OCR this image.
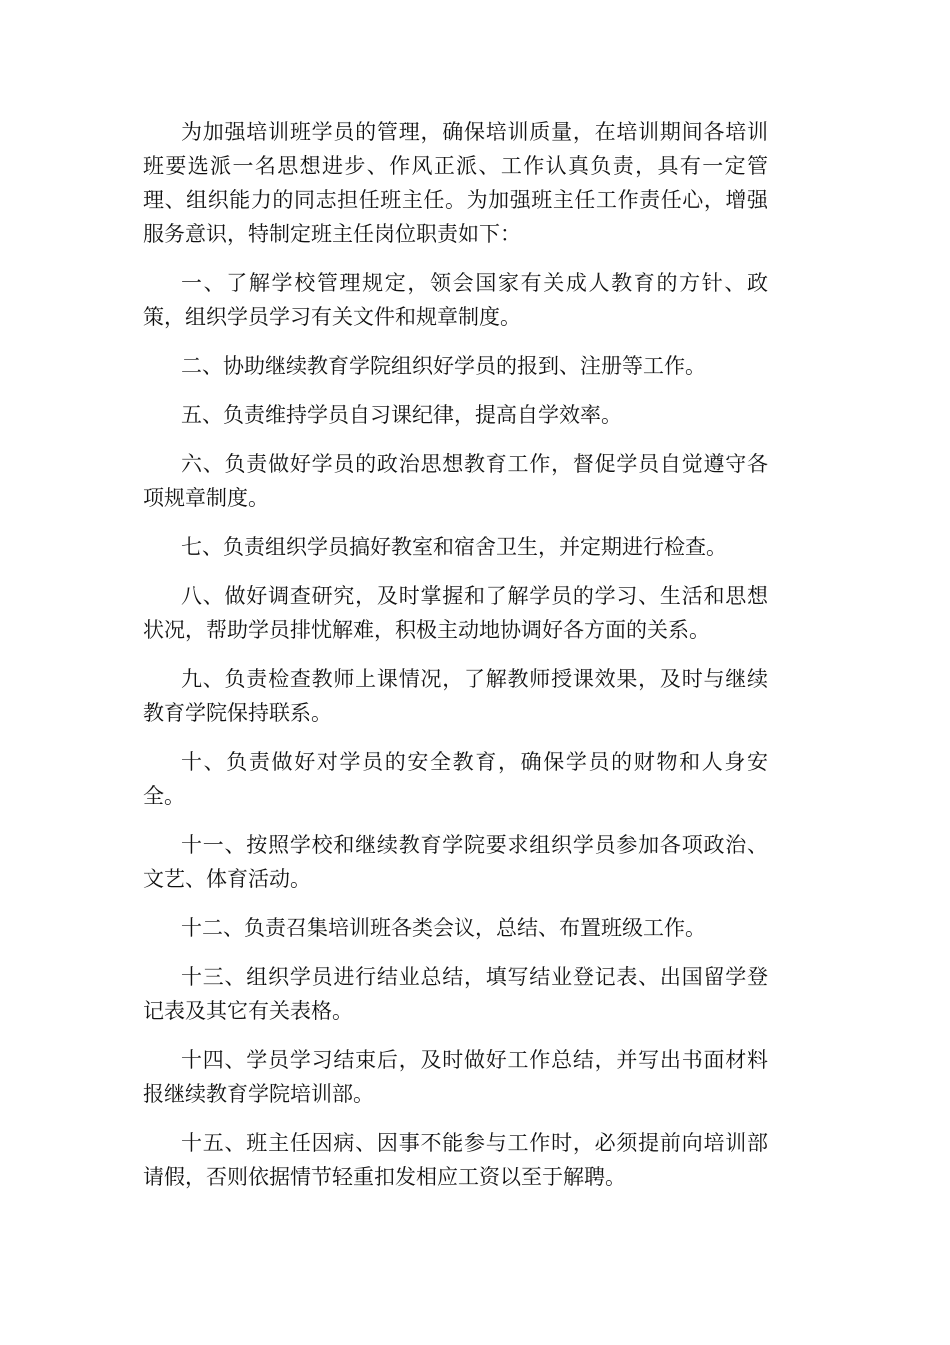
为加强培训班学员的管理，确保培训质量，在培训期间各培训班要选派一名思想进步、作风正派、工作认真负责，具有一定管理、组织能力的同志担任班主任。为加强班主任工作责任心，增强服务意识，特制定班主任岗位职责如下：

一、了解学校管理规定，领会国家有关成人教育的方针、政策，组织学员学习有关文件和规章制度。

二、协助继续教育学院组织好学员的报到、注册等工作。

五、负责维持学员自习课纪律，提高自学效率。

六、负责做好学员的政治思想教育工作，督促学员自觉遵守各项规章制度。

七、负责组织学员搞好教室和宿舍卫生，并定期进行检查。

八、做好调查研究，及时掌握和了解学员的学习、生活和思想状况，帮助学员排忧解难，积极主动地协调好各方面的关系。

九、负责检查教师上课情况，了解教师授课效果，及时与继续教育学院保持联系。

十、负责做好对学员的安全教育，确保学员的财物和人身安全。

十一、按照学校和继续教育学院要求组织学员参加各项政治、文艺、体育活动。

十二、负责召集培训班各类会议，总结、布置班级工作。

十三、组织学员进行结业总结，填写结业登记表、出国留学登记表及其它有关表格。

十四、学员学习结束后，及时做好工作总结，并写出书面材料报继续教育学院培训部。

十五、班主任因病、因事不能参与工作时，必须提前向培训部请假，否则依据情节轻重扣发相应工资以至于解聘。
